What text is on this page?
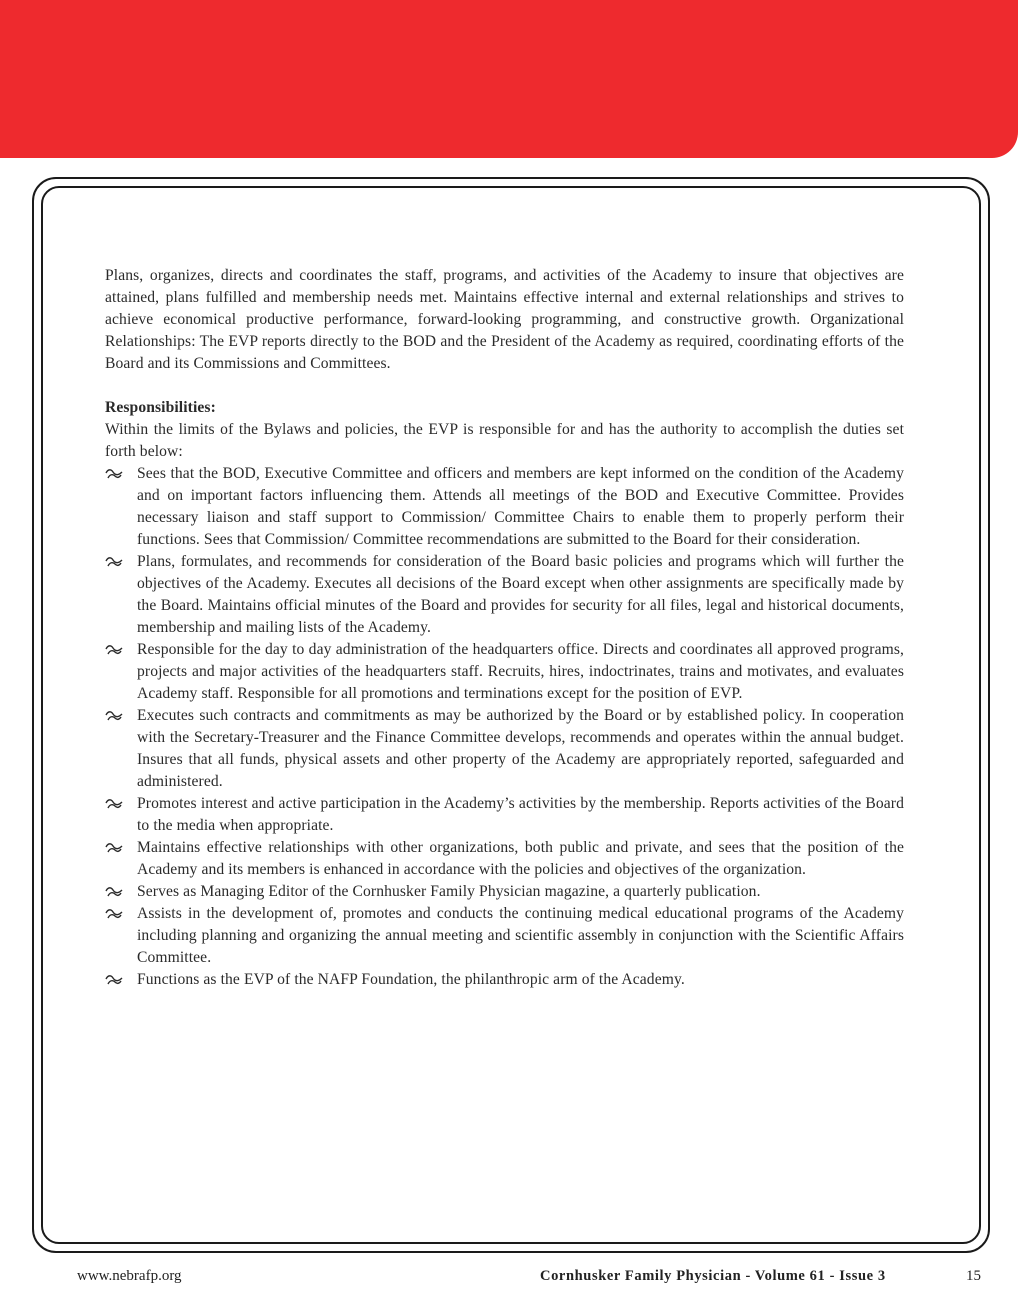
Plans, organizes, directs and coordinates the staff, programs, and activities of the Academy to insure that objectives are attained, plans fulfilled and membership needs met. Maintains effective internal and external relationships and strives to achieve economical productive performance, forward-looking programming, and constructive growth. Organizational Relationships: The EVP reports directly to the BOD and the President of the Academy as required, coordinating efforts of the Board and its Commissions and Committees.

Responsibilities:

Within the limits of the Bylaws and policies, the EVP is responsible for and has the authority to accomplish the duties set forth below:

Sees that the BOD, Executive Committee and officers and members are kept informed on the condition of the Academy and on important factors influencing them. Attends all meetings of the BOD and Executive Committee. Provides necessary liaison and staff support to Commission/ Committee Chairs to enable them to properly perform their functions. Sees that Commission/ Committee recommendations are submitted to the Board for their consideration.
Plans, formulates, and recommends for consideration of the Board basic policies and programs which will further the objectives of the Academy. Executes all decisions of the Board except when other assignments are specifically made by the Board. Maintains official minutes of the Board and provides for security for all files, legal and historical documents, membership and mailing lists of the Academy.
Responsible for the day to day administration of the headquarters office. Directs and coordinates all approved programs, projects and major activities of the headquarters staff. Recruits, hires, indoctrinates, trains and motivates, and evaluates Academy staff. Responsible for all promotions and terminations except for the position of EVP.
Executes such contracts and commitments as may be authorized by the Board or by established policy. In cooperation with the Secretary-Treasurer and the Finance Committee develops, recommends and operates within the annual budget. Insures that all funds, physical assets and other property of the Academy are appropriately reported, safeguarded and administered.
Promotes interest and active participation in the Academy’s activities by the membership. Reports activities of the Board to the media when appropriate.
Maintains effective relationships with other organizations, both public and private, and sees that the position of the Academy and its members is enhanced in accordance with the policies and objectives of the organization.
Serves as Managing Editor of the Cornhusker Family Physician magazine, a quarterly publication.
Assists in the development of, promotes and conducts the continuing medical educational programs of the Academy including planning and organizing the annual meeting and scientific assembly in conjunction with the Scientific Affairs Committee.
Functions as the EVP of the NAFP Foundation, the philanthropic arm of the Academy.
www.nebrafp.org	Cornhusker Family Physician - Volume 61 - Issue 3	15
